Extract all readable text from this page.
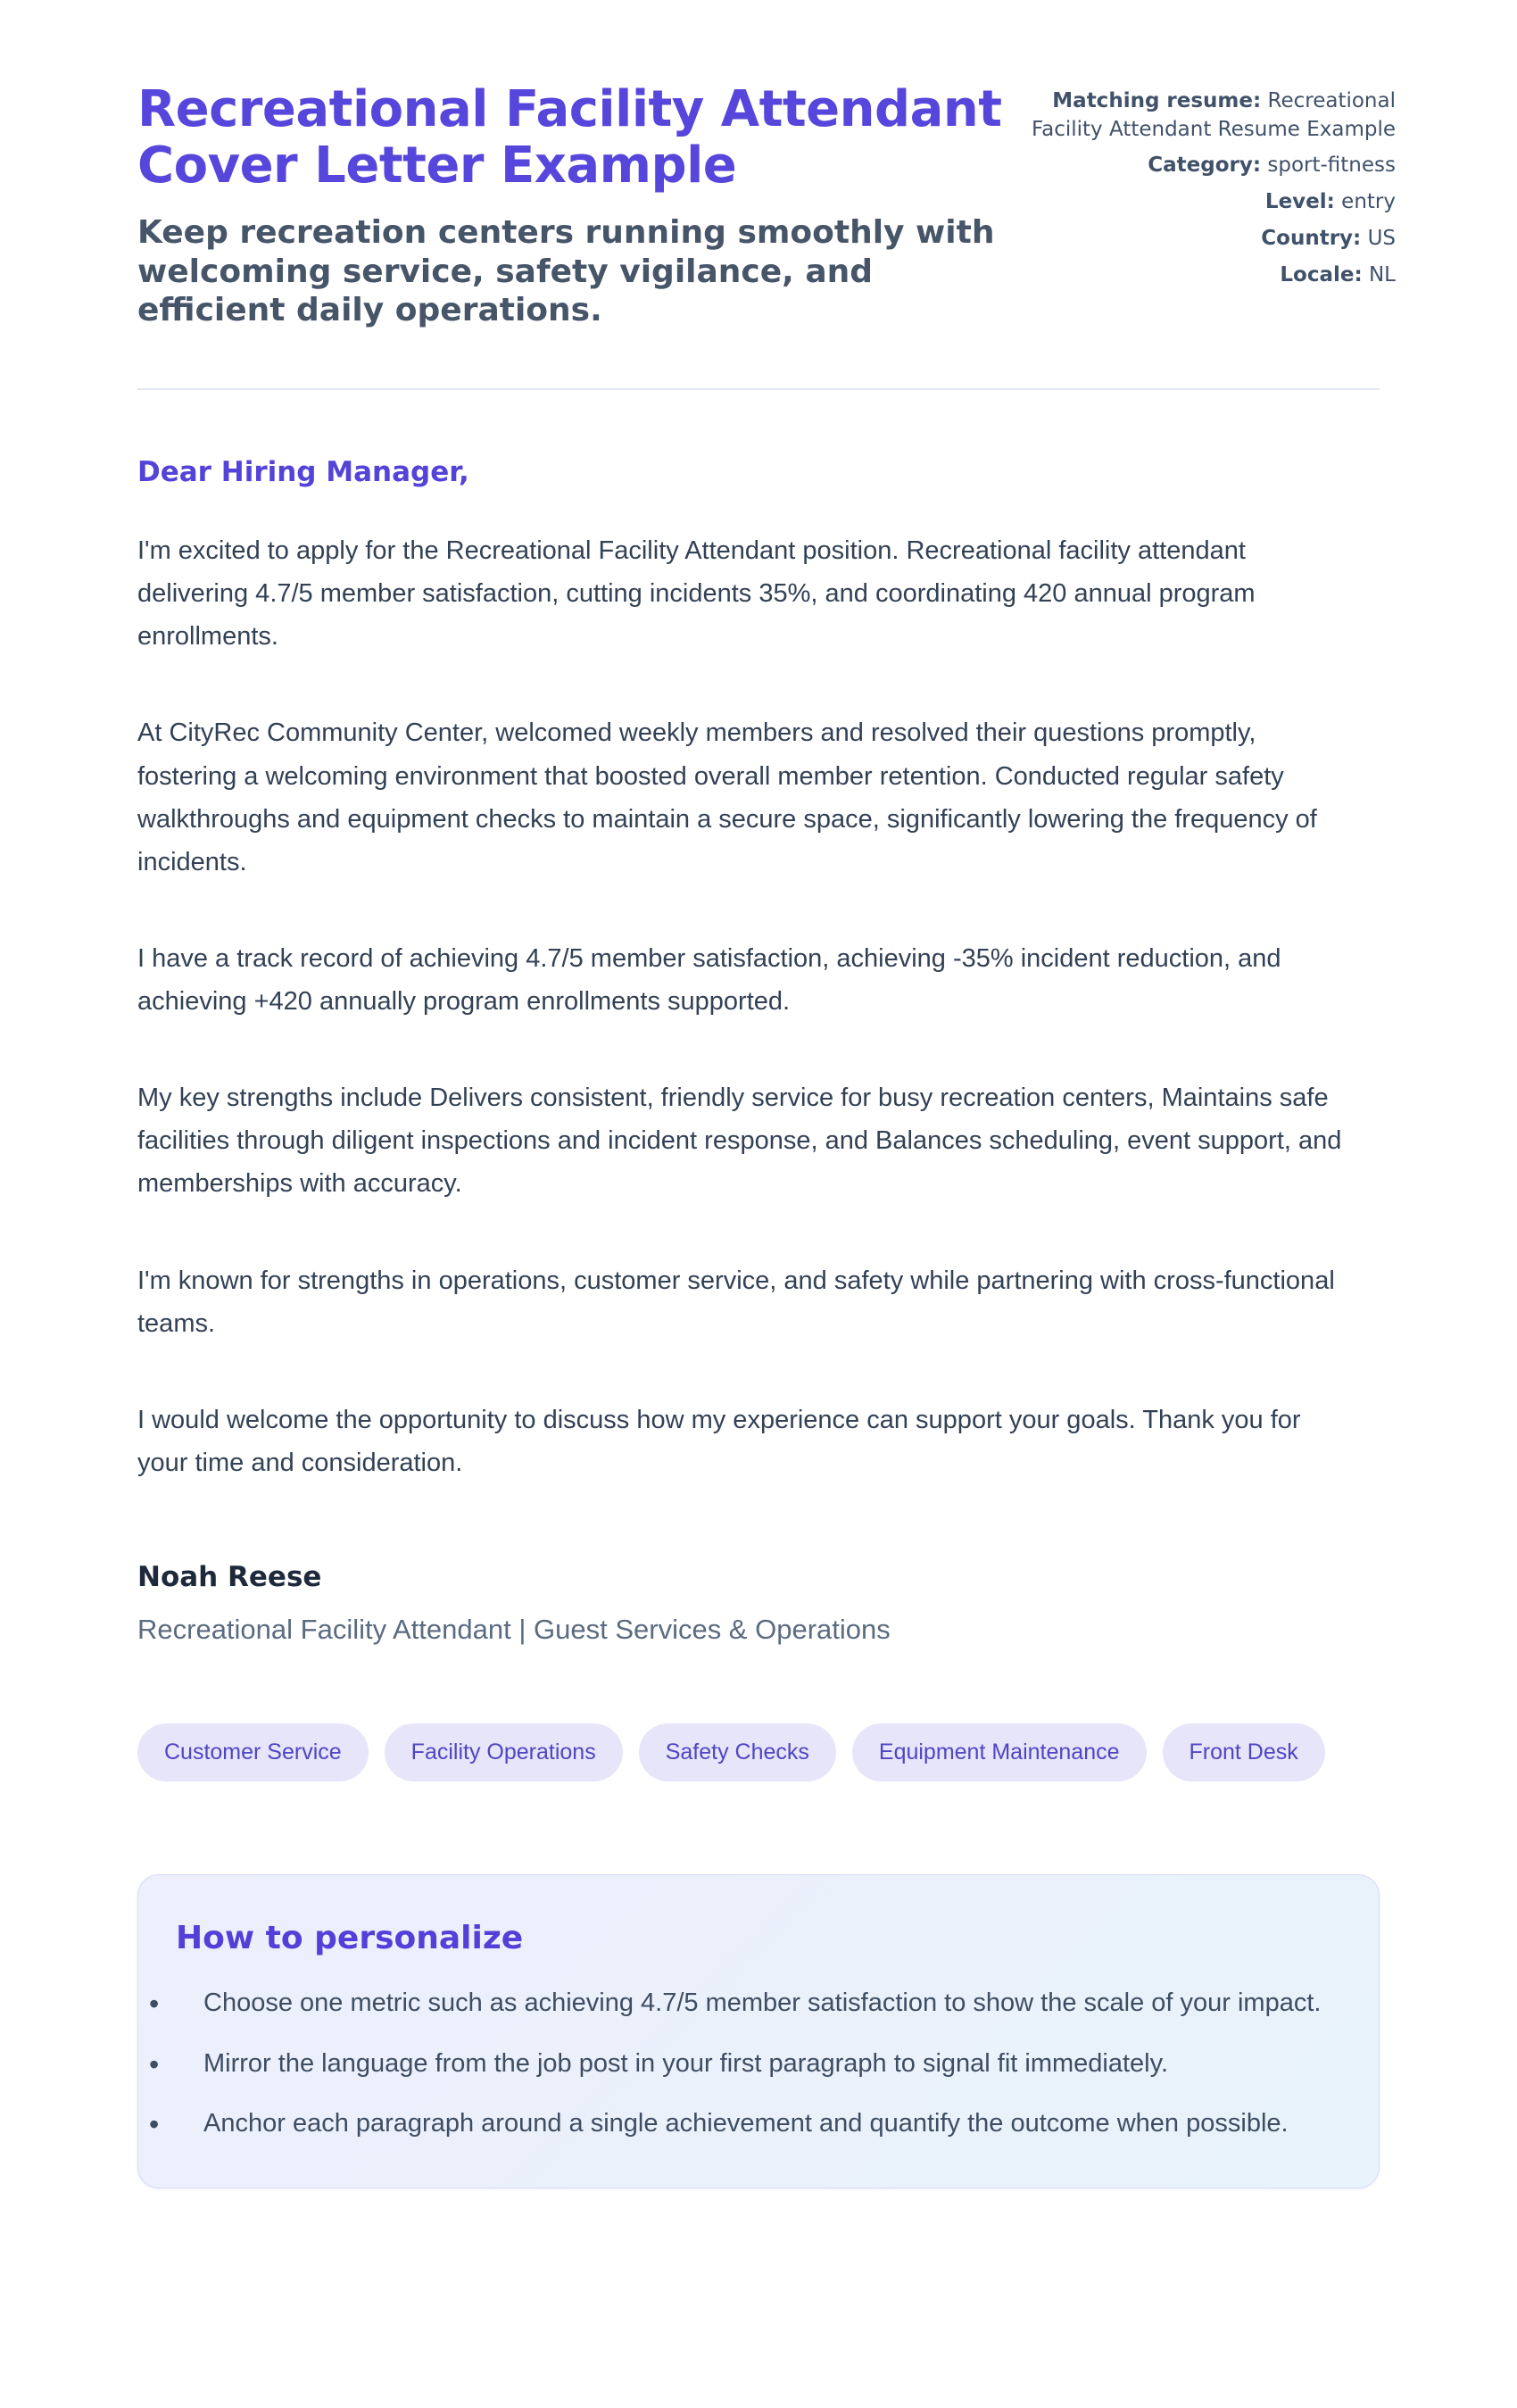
Recreational Facility Attendant Cover Letter Example

Keep recreation centers running smoothly with welcoming service, safety vigilance, and efficient daily operations.

Matching resume: Recreational Facility Attendant Resume Example
Category: sport-fitness
Level: entry
Country: US
Locale: NL

Dear Hiring Manager,

I'm excited to apply for the Recreational Facility Attendant position. Recreational facility attendant delivering 4.7/5 member satisfaction, cutting incidents 35%, and coordinating 420 annual program enrollments.

At CityRec Community Center, welcomed weekly members and resolved their questions promptly, fostering a welcoming environment that boosted overall member retention. Conducted regular safety walkthroughs and equipment checks to maintain a secure space, significantly lowering the frequency of incidents.

I have a track record of achieving 4.7/5 member satisfaction, achieving -35% incident reduction, and achieving +420 annually program enrollments supported.

My key strengths include Delivers consistent, friendly service for busy recreation centers, Maintains safe facilities through diligent inspections and incident response, and Balances scheduling, event support, and memberships with accuracy.

I'm known for strengths in operations, customer service, and safety while partnering with cross-functional teams.

I would welcome the opportunity to discuss how my experience can support your goals. Thank you for your time and consideration.

Noah Reese

Recreational Facility Attendant | Guest Services & Operations

Customer Service	Facility Operations	Safety Checks	Equipment Maintenance	Front Desk
How to personalize
• Choose one metric such as achieving 4.7/5 member satisfaction to show the scale of your impact.
• Mirror the language from the job post in your first paragraph to signal fit immediately.
• Anchor each paragraph around a single achievement and quantify the outcome when possible.
